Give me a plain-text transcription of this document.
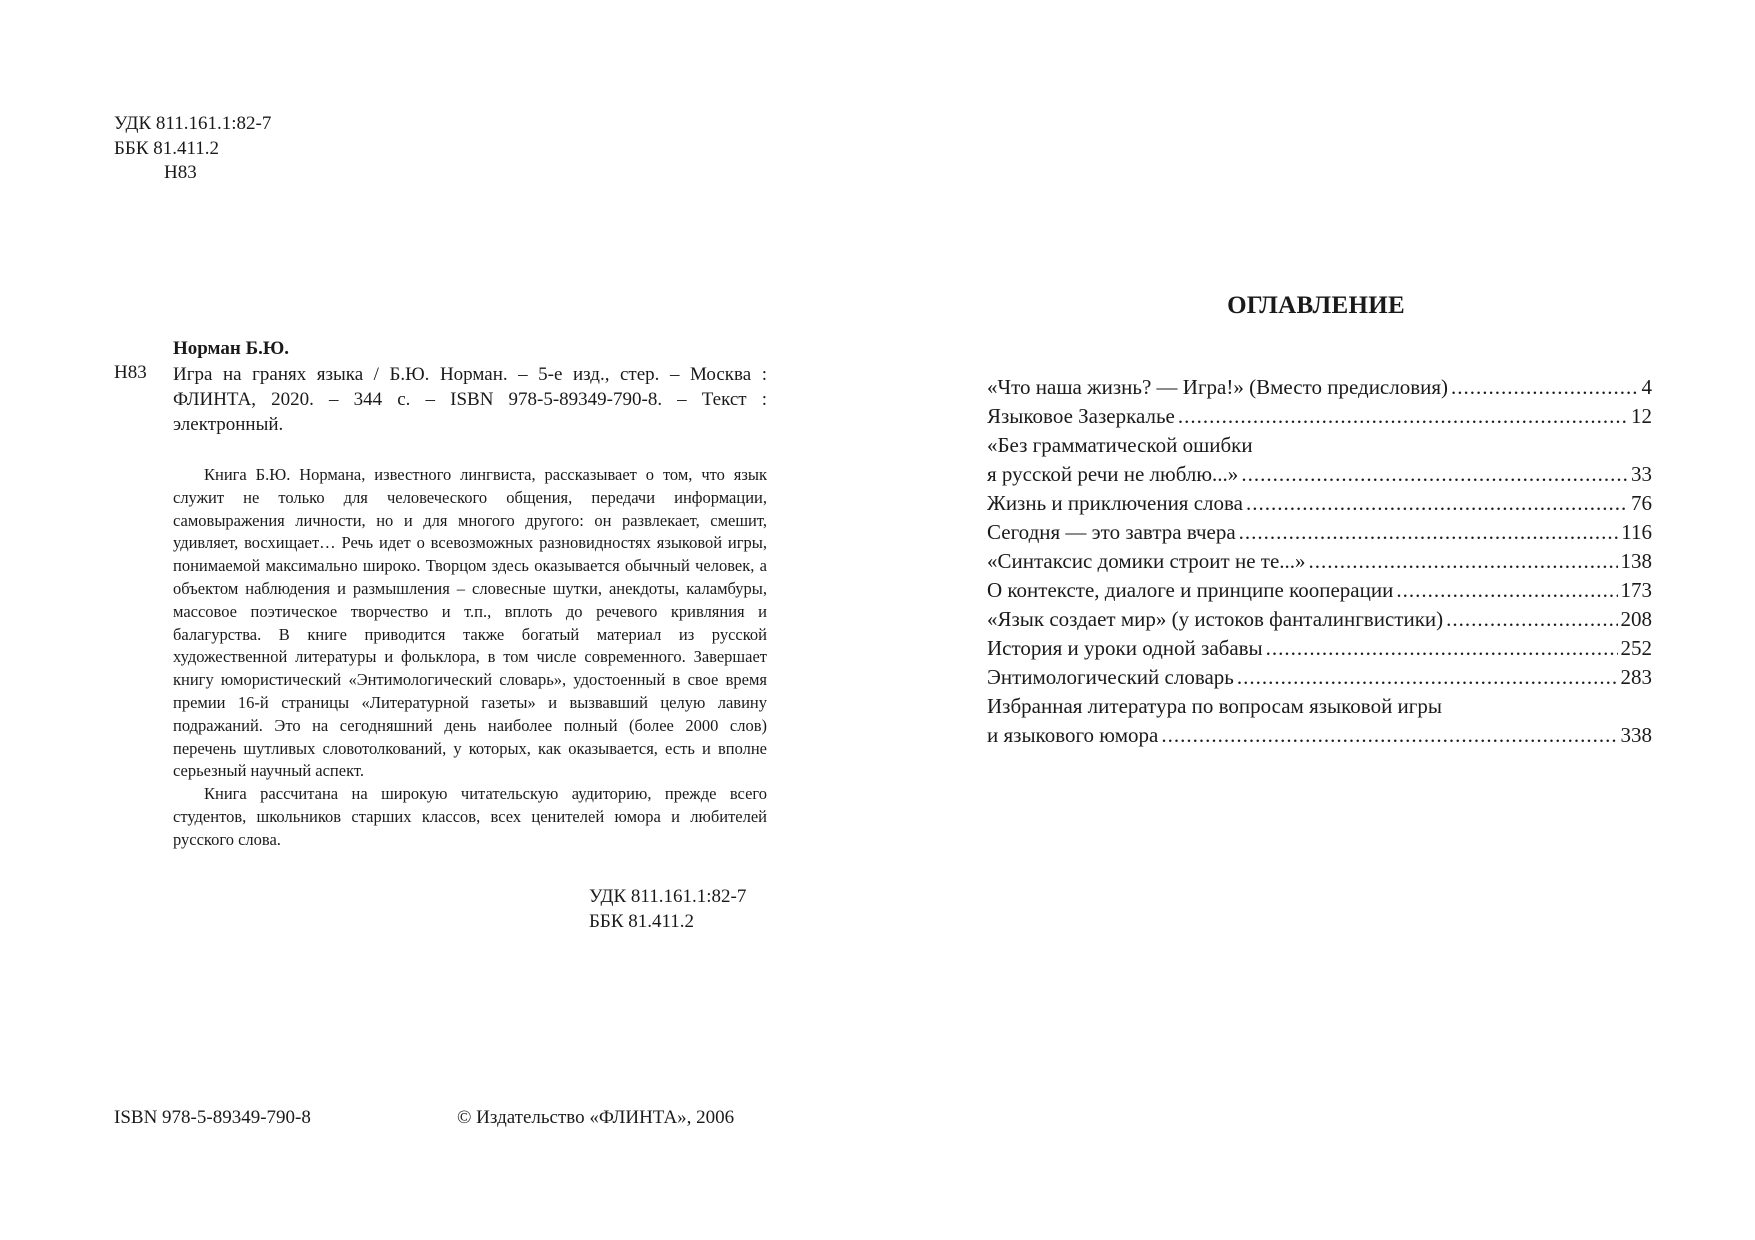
УДК 811.161.1:82-7
ББК 81.411.2
Н83
Норман Б.Ю.
Н83 Игра на гранях языка / Б.Ю. Норман. – 5-е изд., стер. – Москва : ФЛИНТА, 2020. – 344 с. – ISBN 978-5-89349-790-8. – Текст : электронный.

Книга Б.Ю. Нормана, известного лингвиста, рассказывает о том, что язык служит не только для человеческого общения, передачи информации, самовыражения личности, но и для многого другого: он развлекает, смешит, удивляет, восхищает… Речь идет о всевозможных разновидностях языковой игры, понимаемой максимально широко. Творцом здесь оказывается обычный человек, а объектом наблюдения и размышления – словесные шутки, анекдоты, каламбуры, массовое поэтическое творчество и т.п., вплоть до речевого кривляния и балагурства. В книге приводится также богатый материал из русской художественной литературы и фольклора, в том числе современного. Завершает книгу юмористический «Энтимологический словарь», удостоенный в свое время премии 16-й страницы «Литературной газеты» и вызвавший целую лавину подражаний. Это на сегодняшний день наиболее полный (более 2000 слов) перечень шутливых словотолкований, у которых, как оказывается, есть и вполне серьезный научный аспект.

Книга рассчитана на широкую читательскую аудиторию, прежде всего студентов, школьников старших классов, всех ценителей юмора и любителей русского слова.

УДК 811.161.1:82-7
ББК 81.411.2
ISBN 978-5-89349-790-8	© Издательство «ФЛИНТА», 2006
ОГЛАВЛЕНИЕ
«Что наша жизнь? — Игра!» (Вместо предисловия) .....	4
Языковое Зазеркалье .....	12
«Без грамматической ошибки
я русской речи не люблю...» .....	33
Жизнь и приключения слова .....	76
Сегодня — это завтра вчера .....	116
«Синтаксис домики строит не те...» .....	138
О контексте, диалоге и принципе кооперации .....	173
«Язык создает мир» (у истоков фанталингвистики) .....	208
История и уроки одной забавы .....	252
Энтимологический словарь .....	283
Избранная литература по вопросам языковой игры
и языкового юмора .....	338
